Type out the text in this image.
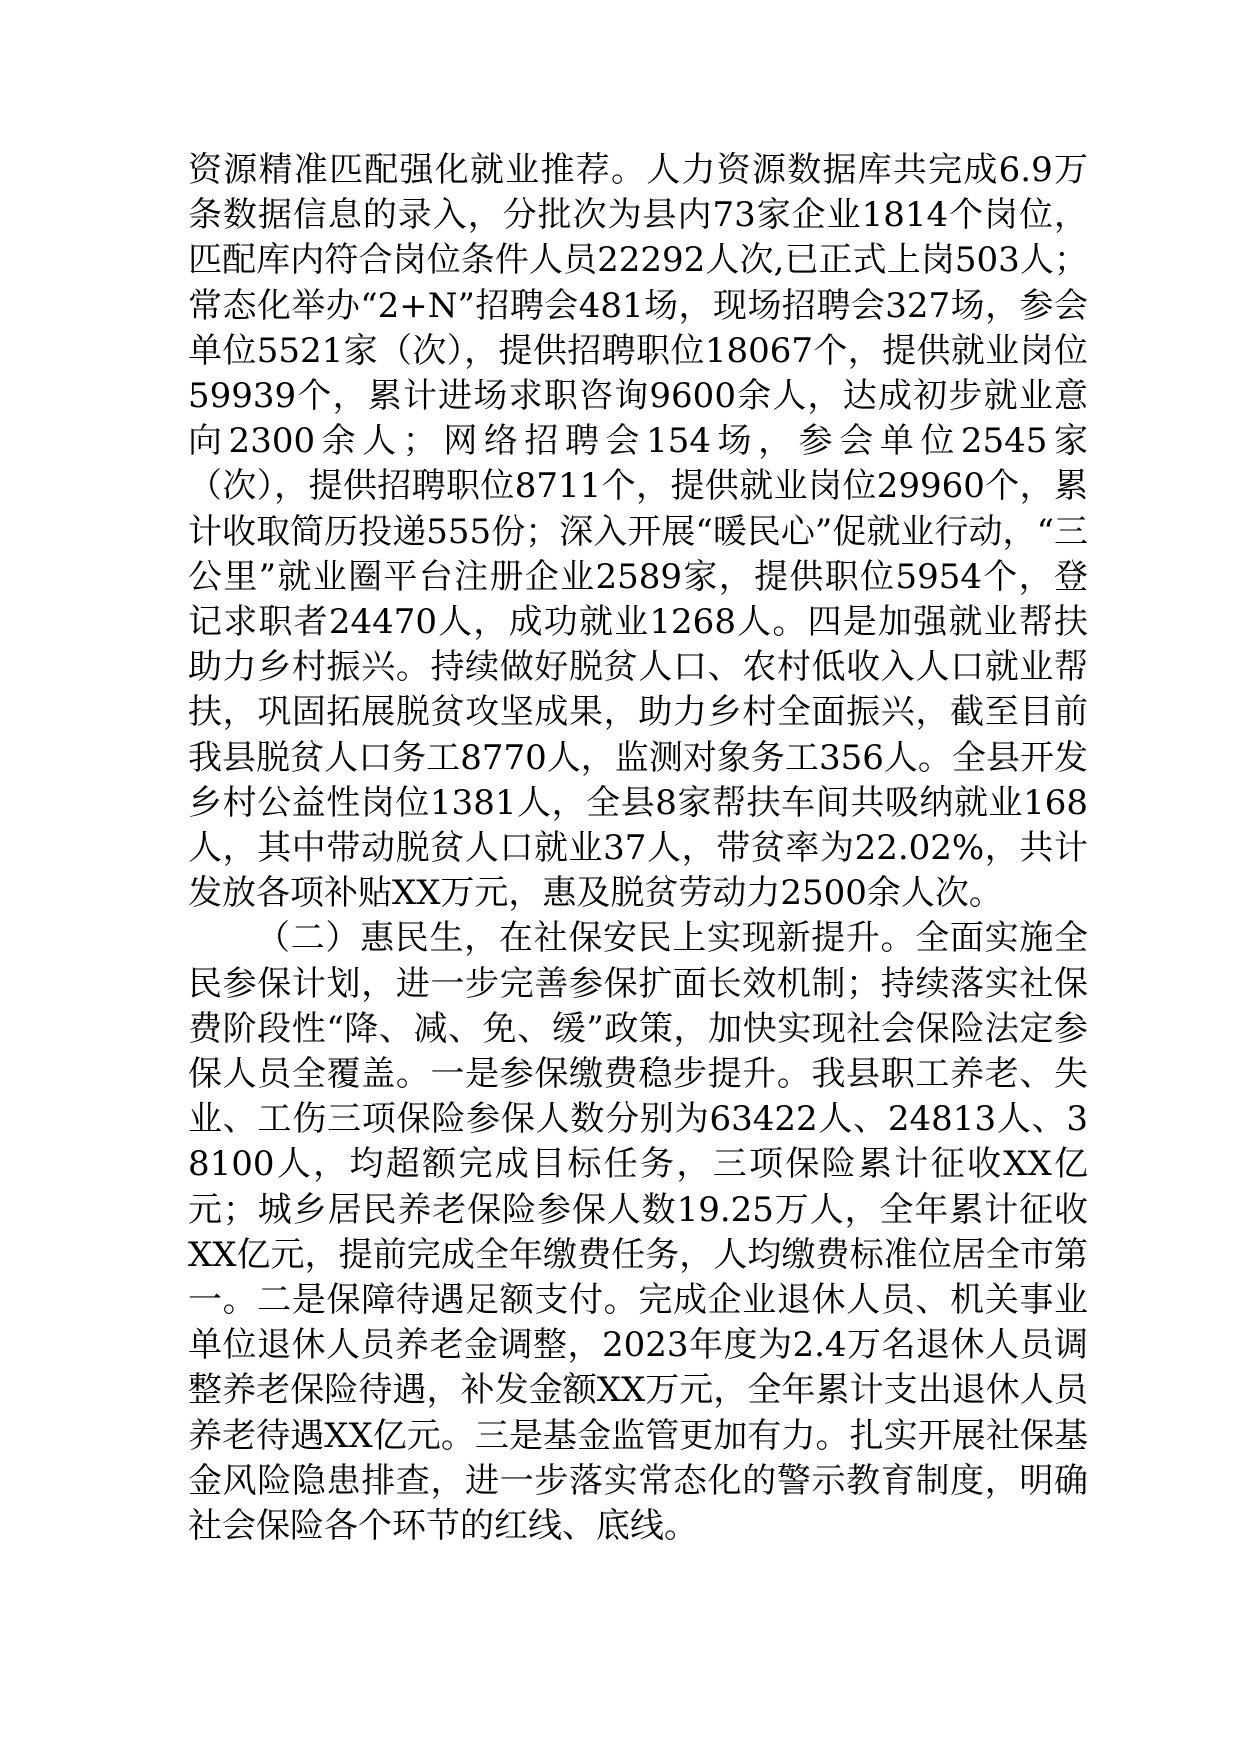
资源精准匹配强化就业推荐。人力资源数据库共完成6.9万条数据信息的录入，分批次为县内73家企业1814个岗位，匹配库内符合岗位条件人员22292人次,已正式上岗503人；常态化举办“2+N”招聘会481场，现场招聘会327场，参会单位5521家（次），提供招聘职位18067个，提供就业岗位59939个，累计进场求职咨询9600余人，达成初步就业意向2300余人；网络招聘会154场，参会单位2545家（次），提供招聘职位8711个，提供就业岗位29960个，累计收取简历投递555份；深入开展“暖民心”促就业行动，“三公里”就业圈平台注册企业2589家，提供职位5954个，登记求职者24470人，成功就业1268人。四是加强就业帮扶助力乡村振兴。持续做好脱贫人口、农村低收入人口就业帮扶，巩固拓展脱贫攻坚成果，助力乡村全面振兴，截至目前我县脱贫人口务工8770人，监测对象务工356人。全县开发乡村公益性岗位1381人，全县8家帮扶车间共吸纳就业168人，其中带动脱贫人口就业37人，带贫率为22.02%，共计发放各项补贴XX万元，惠及脱贫劳动力2500余人次。

（二）惠民生，在社保安民上实现新提升。全面实施全民参保计划，进一步完善参保扩面长效机制；持续落实社保费阶段性“降、减、免、缓”政策，加快实现社会保险法定参保人员全覆盖。一是参保缴费稳步提升。我县职工养老、失业、工伤三项保险参保人数分别为63422人、24813人、38100人，均超额完成目标任务，三项保险累计征收XX亿元；城乡居民养老保险参保人数19.25万人，全年累计征收XX亿元，提前完成全年缴费任务，人均缴费标准位居全市第一。二是保障待遇足额支付。完成企业退休人员、机关事业单位退休人员养老金调整，2023年度为2.4万名退休人员调整养老保险待遇，补发金额XX万元，全年累计支出退休人员养老待遇XX亿元。三是基金监管更加有力。扎实开展社保基金风险隐患排查，进一步落实常态化的警示教育制度，明确社会保险各个环节的红线、底线。
